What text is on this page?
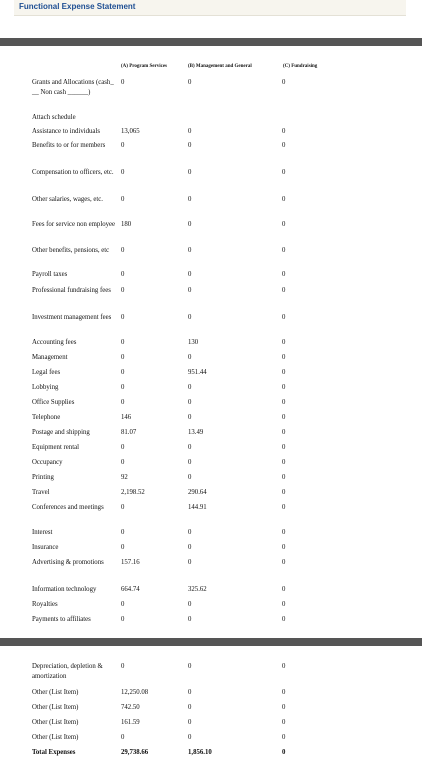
Functional Expense Statement
(A) Program Services	(B) Management and General	(C) Fundraising
Grants and Allocations (cash_ __ Non cash ______)
0	0	0
Attach schedule
Assistance to individuals	13,065	0	0
Benefits to or for members	0	0	0
Compensation to officers, etc.	0	0	0
Other salaries, wages, etc.	0	0	0
Fees for service non employee 180	0	0
Other benefits, pensions, etc	0	0	0
Payroll taxes	0	0	0
Professional fundraising fees	0	0	0
Investment management fees	0	0	0
Accounting fees	0	130	0
Management	0	0	0
Legal fees	0	951.44	0
Lobbying	0	0	0
Office Supplies	0	0	0
Telephone	146	0	0
Postage and shipping	81.07	13.49	0
Equipment rental	0	0	0
Occupancy	0	0	0
Printing	92	0	0
Travel	2,198.52	290.64	0
Conferences and meetings	0	144.91	0
Interest	0	0	0
Insurance	0	0	0
Advertising & promotions	157.16	0	0
Information technology	664.74	325.62	0
Royalties	0	0	0
Payments to affiliates	0	0	0
Depreciation, depletion & amortization
0	0	0
Other (List Item)	12,250.08	0	0
Other (List Item)	742.50	0	0
Other (List Item)	161.59	0	0
Other (List Item)	0	0	0
Total Expenses	29,738.66	1,856.10	0
